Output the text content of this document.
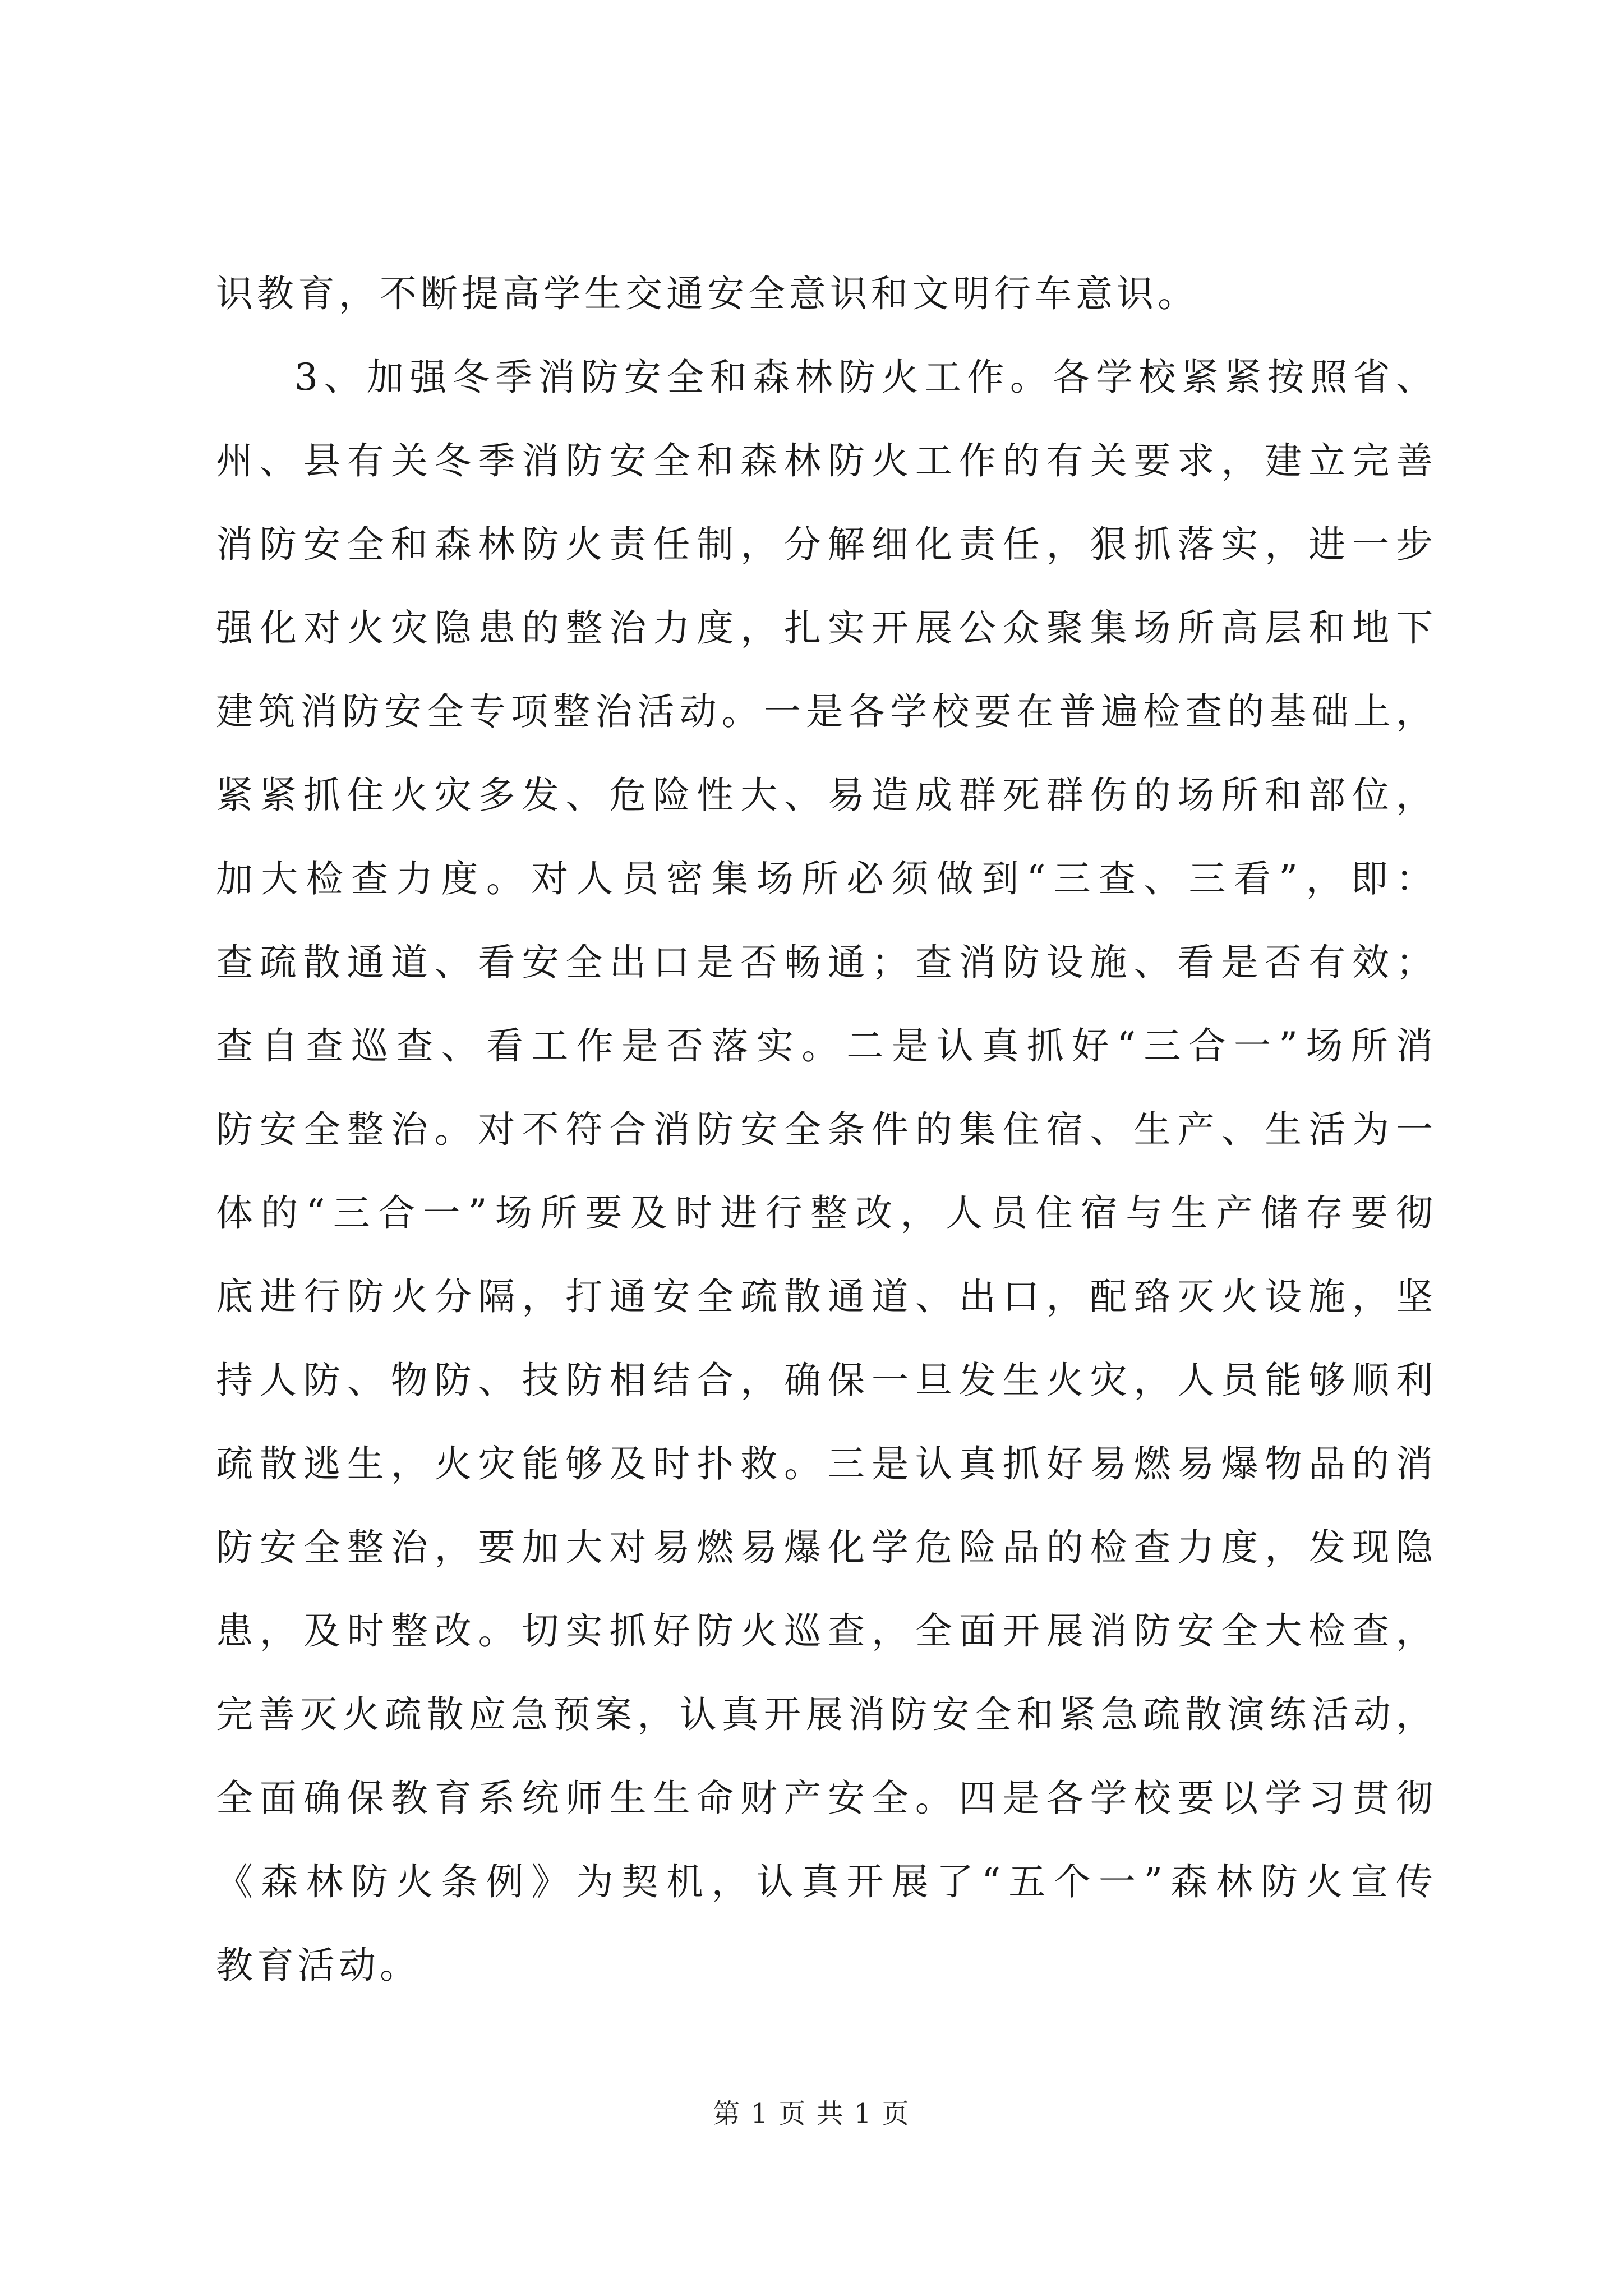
识教育，不断提高学生交通安全意识和文明行车意识。
3、加强冬季消防安全和森林防火工作。各学校紧紧按照省、
州、县有关冬季消防安全和森林防火工作的有关要求，建立完善
消防安全和森林防火责任制，分解细化责任，狠抓落实，进一步
强化对火灾隐患的整治力度，扎实开展公众聚集场所高层和地下
建筑消防安全专项整治活动。一是各学校要在普遍检查的基础上，
紧紧抓住火灾多发、危险性大、易造成群死群伤的场所和部位，
加大检查力度。对人员密集场所必须做到“三查、三看”，即：
查疏散通道、看安全出口是否畅通；查消防设施、看是否有效；
查自查巡查、看工作是否落实。二是认真抓好“三合一”场所消
防安全整治。对不符合消防安全条件的集住宿、生产、生活为一
体的“三合一”场所要及时进行整改，人员住宿与生产储存要彻
底进行防火分隔，打通安全疏散通道、出口，配臵灭火设施，坚
持人防、物防、技防相结合，确保一旦发生火灾，人员能够顺利
疏散逃生，火灾能够及时扑救。三是认真抓好易燃易爆物品的消
防安全整治，要加大对易燃易爆化学危险品的检查力度，发现隐
患，及时整改。切实抓好防火巡查，全面开展消防安全大检查，
完善灭火疏散应急预案，认真开展消防安全和紧急疏散演练活动，
全面确保教育系统师生生命财产安全。四是各学校要以学习贯彻
《森林防火条例》为契机，认真开展了“五个一”森林防火宣传
教育活动。
第 1 页 共 1 页
